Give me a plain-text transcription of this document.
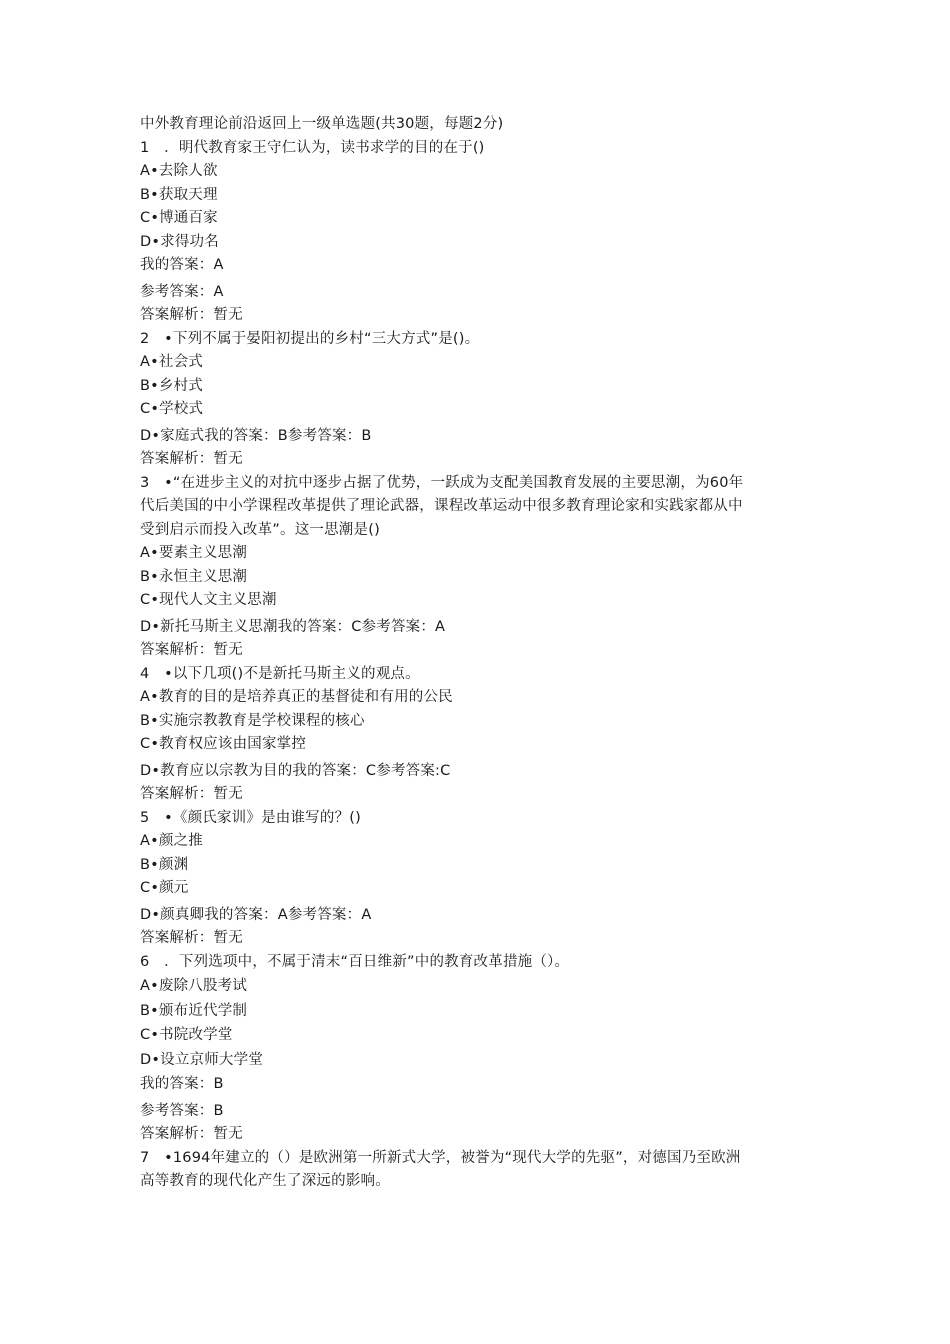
中外教育理论前沿返回上一级单选题(共30题，每题2分)
1　．明代教育家王守仁认为，读书求学的目的在于()
A•去除人欲
B•获取天理
C•博通百家
D•求得功名
我的答案：A
参考答案：A
答案解析：暂无
2　•下列不属于晏阳初提出的乡村“三大方式”是()。
A•社会式
B•乡村式
C•学校式
D•家庭式我的答案：B参考答案：B
答案解析：暂无
3　•“在进步主义的对抗中逐步占据了优势，一跃成为支配美国教育发展的主要思潮，为60年
代后美国的中小学课程改革提供了理论武器，课程改革运动中很多教育理论家和实践家都从中
受到启示而投入改革”。这一思潮是()
A•要素主义思潮
B•永恒主义思潮
C•现代人文主义思潮
D•新托马斯主义思潮我的答案：C参考答案：A
答案解析：暂无
4　•以下几项()不是新托马斯主义的观点。
A•教育的目的是培养真正的基督徒和有用的公民
B•实施宗教教育是学校课程的核心
C•教育权应该由国家掌控
D•教育应以宗教为目的我的答案：C参考答案:C
答案解析：暂无
5　•《颜氏家训》是由谁写的？()
A•颜之推
B•颜渊
C•颜元
D•颜真卿我的答案：A参考答案：A
答案解析：暂无
6　．下列选项中，不属于清末“百日维新”中的教育改革措施（）。
A•废除八股考试
B•颁布近代学制
C•书院改学堂
D•设立京师大学堂
我的答案：B
参考答案：B
答案解析：暂无
7　•1694年建立的（）是欧洲第一所新式大学，被誉为“现代大学的先驱”，对德国乃至欧洲
高等教育的现代化产生了深远的影响。
